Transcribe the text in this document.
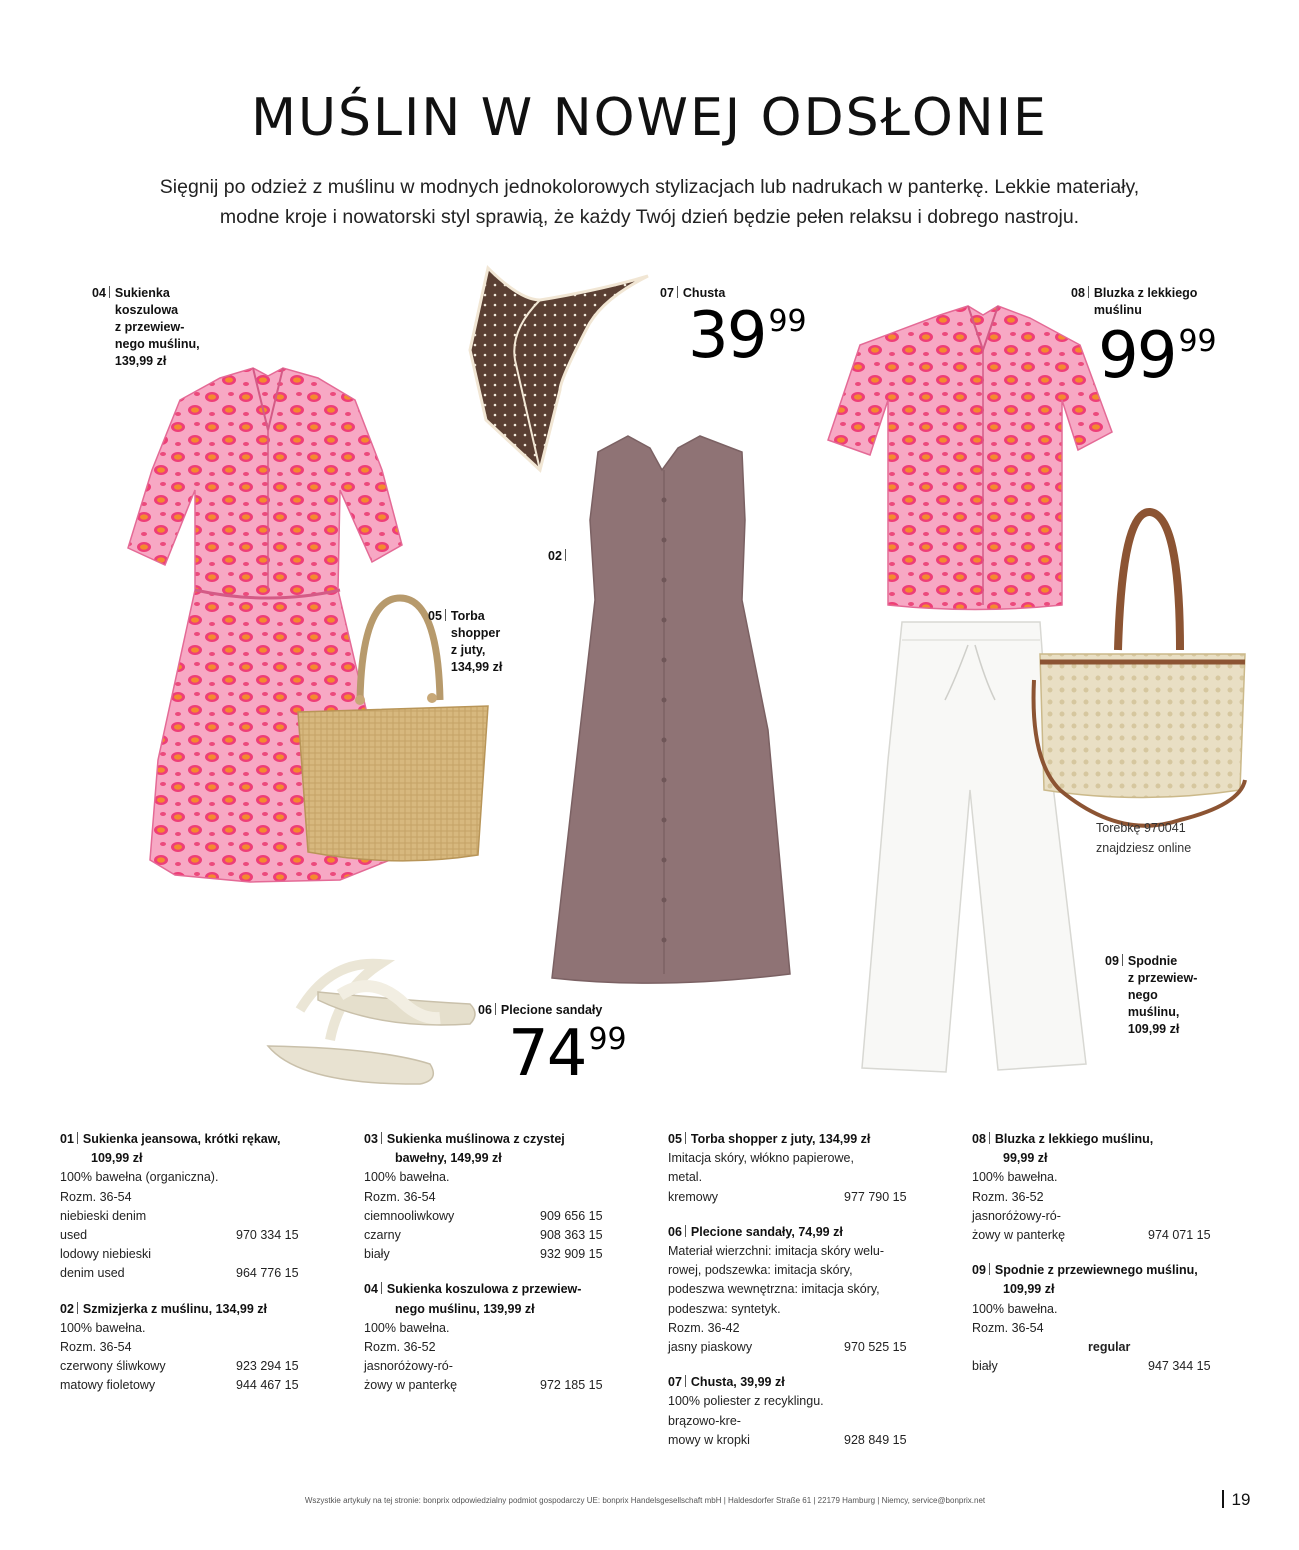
MUŚLIN W NOWEJ ODSŁONIE
Sięgnij po odzież z muślinu w modnych jednokolorowych stylizacjach lub nadrukach w panterkę. Lekkie materiały,
modne kroje i nowatorski styl sprawią, że każdy Twój dzień będzie pełen relaksu i dobrego nastroju.
04 Sukienka
koszulowa
z przewiew-
nego muślinu,
139,99 zł
07 Chusta
39 99
08 Bluzka z lekkiego
muślinu
99 99
02
05 Torba
shopper
z juty,
134,99 zł
06 Plecione sandały
74 99
Torebkę 970041
znajdziesz online
09 Spodnie
z przewiew-
nego
muślinu,
109,99 zł
01 Sukienka jeansowa, krótki rękaw,
109,99 zł
100% bawełna (organiczna).
Rozm. 36-54
niebieski denim
used	970 334 15
lodowy niebieski
denim used	964 776 15
02 Szmizjerka z muślinu, 134,99 zł
100% bawełna.
Rozm. 36-54
czerwony śliwkowy	923 294 15
matowy fioletowy	944 467 15
03 Sukienka muślinowa z czystej
bawełny, 149,99 zł
100% bawełna.
Rozm. 36-54
ciemnooliwkowy	909 656 15
czarny	908 363 15
biały	932 909 15
04 Sukienka koszulowa z przewiew-
nego muślinu, 139,99 zł
100% bawełna.
Rozm. 36-52
jasnoróżowy-ró-
żowy w panterkę	972 185 15
05 Torba shopper z juty, 134,99 zł
Imitacja skóry, włókno papierowe,
metal.
kremowy	977 790 15
06 Plecione sandały, 74,99 zł
Materiał wierzchni: imitacja skóry welu-
rowej, podszewka: imitacja skóry,
podeszwa wewnętrzna: imitacja skóry,
podeszwa: syntetyk.
Rozm. 36-42
jasny piaskowy	970 525 15
07 Chusta, 39,99 zł
100% poliester z recyklingu.
brązowo-kre-
mowy w kropki	928 849 15
08 Bluzka z lekkiego muślinu,
99,99 zł
100% bawełna.
Rozm. 36-52
jasnoróżowy-ró-
żowy w panterkę	974 071 15
09 Spodnie z przewiewnego muślinu,
109,99 zł
100% bawełna.
Rozm. 36-54
regular
biały	947 344 15
Wszystkie artykuły na tej stronie: bonprix odpowiedzialny podmiot gospodarczy UE: bonprix Handelsgesellschaft mbH | Haldesdorfer Straße 61 | 22179 Hamburg | Niemcy, service@bonprix.net	19
